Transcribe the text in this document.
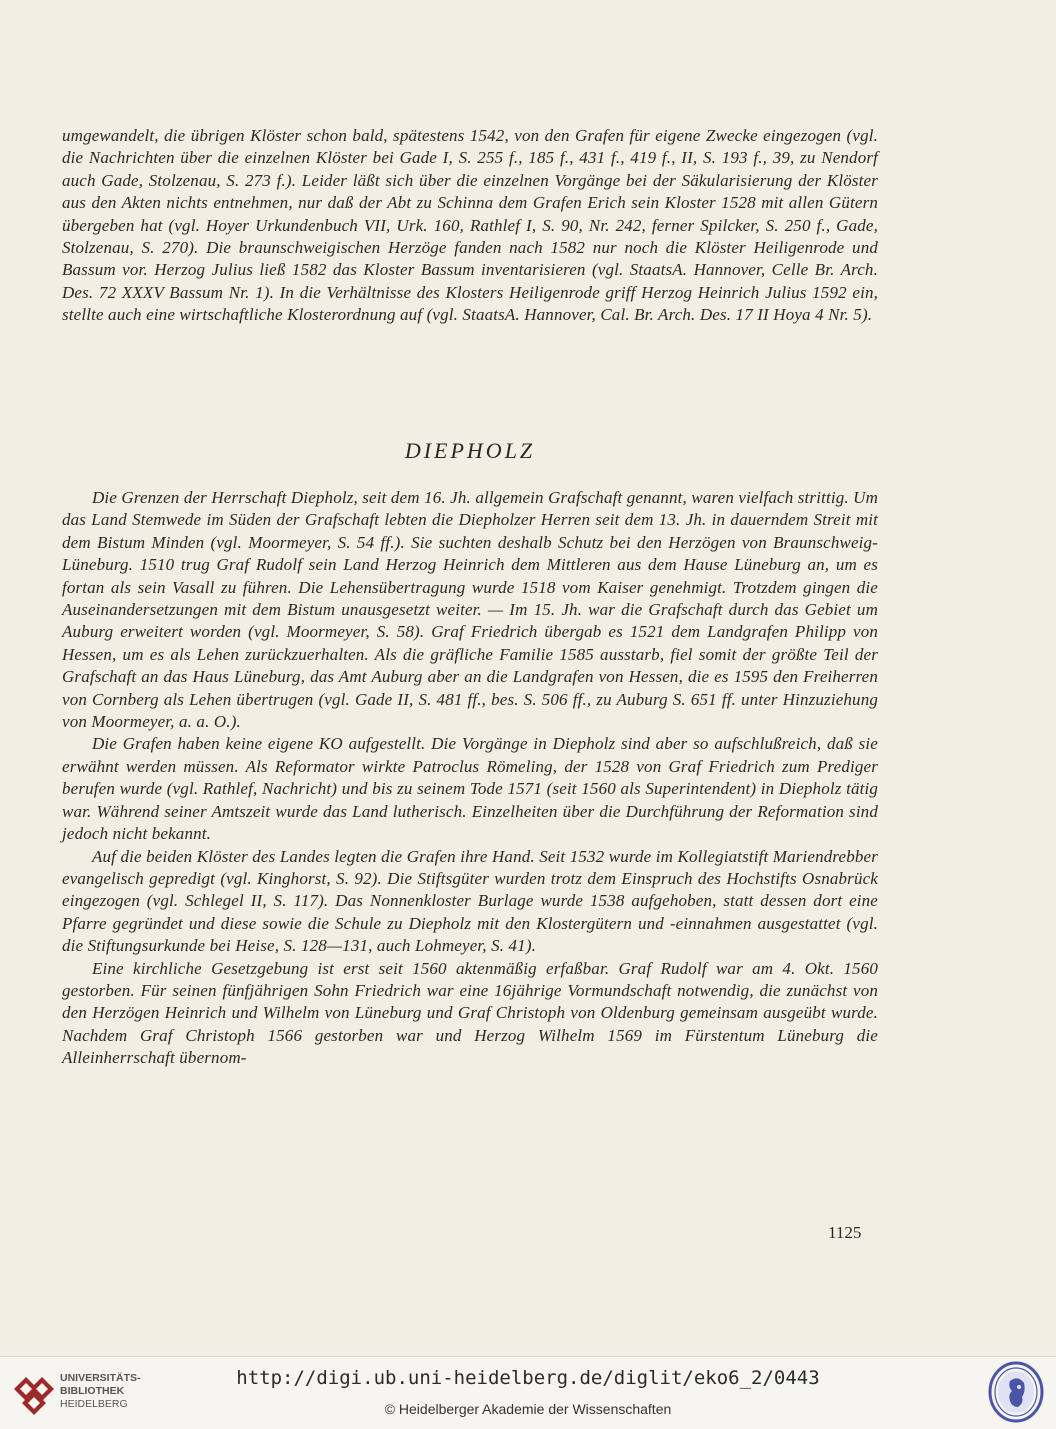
umgewandelt, die übrigen Klöster schon bald, spätestens 1542, von den Grafen für eigene Zwecke eingezogen (vgl. die Nachrichten über die einzelnen Klöster bei Gade I, S. 255 f., 185 f., 431 f., 419 f., II, S. 193 f., 39, zu Nendorf auch Gade, Stolzenau, S. 273 f.). Leider läßt sich über die einzelnen Vorgänge bei der Säkularisierung der Klöster aus den Akten nichts entnehmen, nur daß der Abt zu Schinna dem Grafen Erich sein Kloster 1528 mit allen Gütern übergeben hat (vgl. Hoyer Urkundenbuch VII, Urk. 160, Rathlef I, S. 90, Nr. 242, ferner Spilcker, S. 250 f., Gade, Stolzenau, S. 270). Die braunschweigischen Herzöge fanden nach 1582 nur noch die Klöster Heiligenrode und Bassum vor. Herzog Julius ließ 1582 das Kloster Bassum inventarisieren (vgl. StaatsA. Hannover, Celle Br. Arch. Des. 72 XXXV Bassum Nr. 1). In die Verhältnisse des Klosters Heiligenrode griff Herzog Heinrich Julius 1592 ein, stellte auch eine wirtschaftliche Klosterordnung auf (vgl. StaatsA. Hannover, Cal. Br. Arch. Des. 17 II Hoya 4 Nr. 5).

DIEPHOLZ

Die Grenzen der Herrschaft Diepholz, seit dem 16. Jh. allgemein Grafschaft genannt, waren vielfach strittig. Um das Land Stemwede im Süden der Grafschaft lebten die Diepholzer Herren seit dem 13. Jh. in dauerndem Streit mit dem Bistum Minden (vgl. Moormeyer, S. 54 ff.). Sie suchten deshalb Schutz bei den Herzögen von Braunschweig-Lüneburg. 1510 trug Graf Rudolf sein Land Herzog Heinrich dem Mittleren aus dem Hause Lüneburg an, um es fortan als sein Vasall zu führen. Die Lehensübertragung wurde 1518 vom Kaiser genehmigt. Trotzdem gingen die Auseinandersetzungen mit dem Bistum unausgesetzt weiter. — Im 15. Jh. war die Grafschaft durch das Gebiet um Auburg erweitert worden (vgl. Moormeyer, S. 58). Graf Friedrich übergab es 1521 dem Landgrafen Philipp von Hessen, um es als Lehen zurückzuerhalten. Als die gräfliche Familie 1585 ausstarb, fiel somit der größte Teil der Grafschaft an das Haus Lüneburg, das Amt Auburg aber an die Landgrafen von Hessen, die es 1595 den Freiherren von Cornberg als Lehen übertrugen (vgl. Gade II, S. 481 ff., bes. S. 506 ff., zu Auburg S. 651 ff. unter Hinzuziehung von Moormeyer, a. a. O.).

Die Grafen haben keine eigene KO aufgestellt. Die Vorgänge in Diepholz sind aber so aufschlußreich, daß sie erwähnt werden müssen. Als Reformator wirkte Patroclus Römeling, der 1528 von Graf Friedrich zum Prediger berufen wurde (vgl. Rathlef, Nachricht) und bis zu seinem Tode 1571 (seit 1560 als Superintendent) in Diepholz tätig war. Während seiner Amtszeit wurde das Land lutherisch. Einzelheiten über die Durchführung der Reformation sind jedoch nicht bekannt.

Auf die beiden Klöster des Landes legten die Grafen ihre Hand. Seit 1532 wurde im Kollegiatstift Mariendrebber evangelisch gepredigt (vgl. Kinghorst, S. 92). Die Stiftsgüter wurden trotz dem Einspruch des Hochstifts Osnabrück eingezogen (vgl. Schlegel II, S. 117). Das Nonnenkloster Burlage wurde 1538 aufgehoben, statt dessen dort eine Pfarre gegründet und diese sowie die Schule zu Diepholz mit den Klostergütern und -einnahmen ausgestattet (vgl. die Stiftungsurkunde bei Heise, S. 128—131, auch Lohmeyer, S. 41).

Eine kirchliche Gesetzgebung ist erst seit 1560 aktenmäßig erfaßbar. Graf Rudolf war am 4. Okt. 1560 gestorben. Für seinen fünfjährigen Sohn Friedrich war eine 16jährige Vormundschaft notwendig, die zunächst von den Herzögen Heinrich und Wilhelm von Lüneburg und Graf Christoph von Oldenburg gemeinsam ausgeübt wurde. Nachdem Graf Christoph 1566 gestorben war und Herzog Wilhelm 1569 im Fürstentum Lüneburg die Alleinherrschaft übernom-

1125
UNIVERSITÄTS-
BIBLIOTHEK
HEIDELBERG
http://digi.ub.uni-heidelberg.de/diglit/eko6_2/0443
© Heidelberger Akademie der Wissenschaften
